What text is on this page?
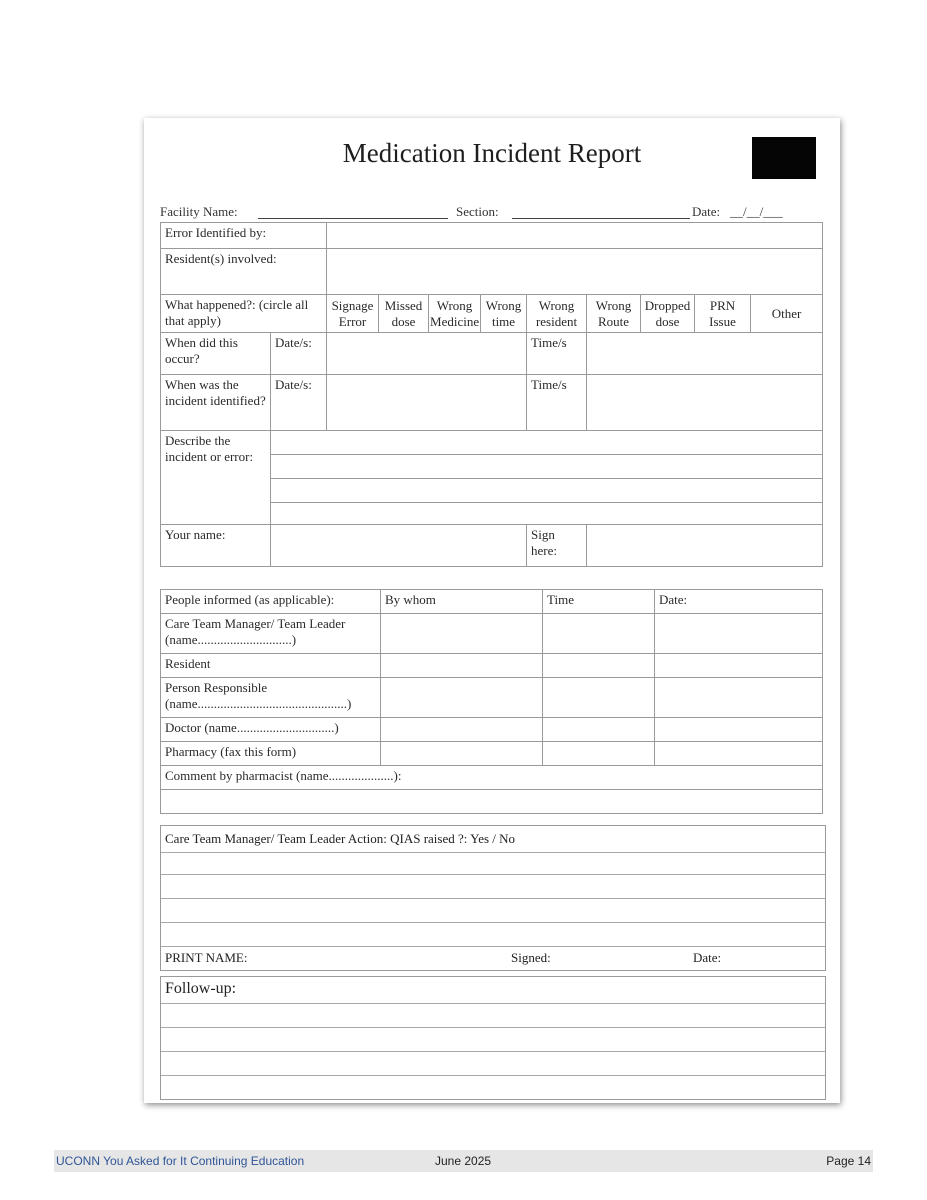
Medication Incident Report
Facility Name:	Section:	Date: __/__/___
Error Identified by:										
Resident(s) involved:										
What happened?: (circle all that apply)		Signage Error	Missed dose	Wrong Medicine	Wrong time	Wrong resident	Wrong Route	Dropped dose	PRN Issue	Other
When did this occur?	Date/s:					Time/s				
When was the incident identified?	Date/s:					Time/s				
Describe the incident or error:										

Your name:						Sign here:				
People informed (as applicable):	By whom	Time	Date:
Care Team Manager/ Team Leader (name.............................)			
Resident			
Person Responsible (name..............................................)			
Doctor (name..............................)			
Pharmacy (fax this form)			
Comment by pharmacist (name....................):			

Care Team Manager/ Team Leader Action: QIAS raised ?: Yes / No
PRINT NAME:	Signed:	Date:
Follow-up:
UCONN You Asked for It Continuing Education	June 2025	Page 14
